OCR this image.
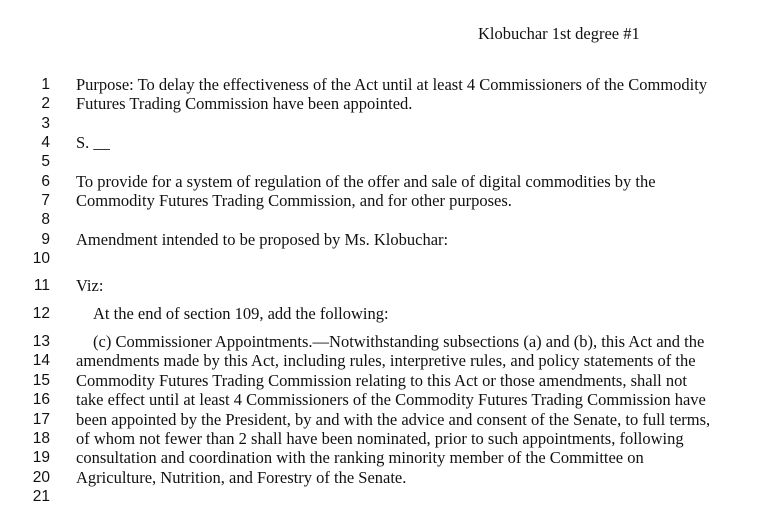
Klobuchar 1st degree #1
1 Purpose: To delay the effectiveness of the Act until at least 4 Commissioners of the Commodity
2 Futures Trading Commission have been appointed.
3
4 S. __
5
6 To provide for a system of regulation of the offer and sale of digital commodities by the
7 Commodity Futures Trading Commission, and for other purposes.
8
9 Amendment intended to be proposed by Ms. Klobuchar:
10
11 Viz:
12	At the end of section 109, add the following:
13	(c) Commissioner Appointments.—Notwithstanding subsections (a) and (b), this Act and the
14 amendments made by this Act, including rules, interpretive rules, and policy statements of the
15 Commodity Futures Trading Commission relating to this Act or those amendments, shall not
16 take effect until at least 4 Commissioners of the Commodity Futures Trading Commission have
17 been appointed by the President, by and with the advice and consent of the Senate, to full terms,
18 of whom not fewer than 2 shall have been nominated, prior to such appointments, following
19 consultation and coordination with the ranking minority member of the Committee on
20 Agriculture, Nutrition, and Forestry of the Senate.
21
